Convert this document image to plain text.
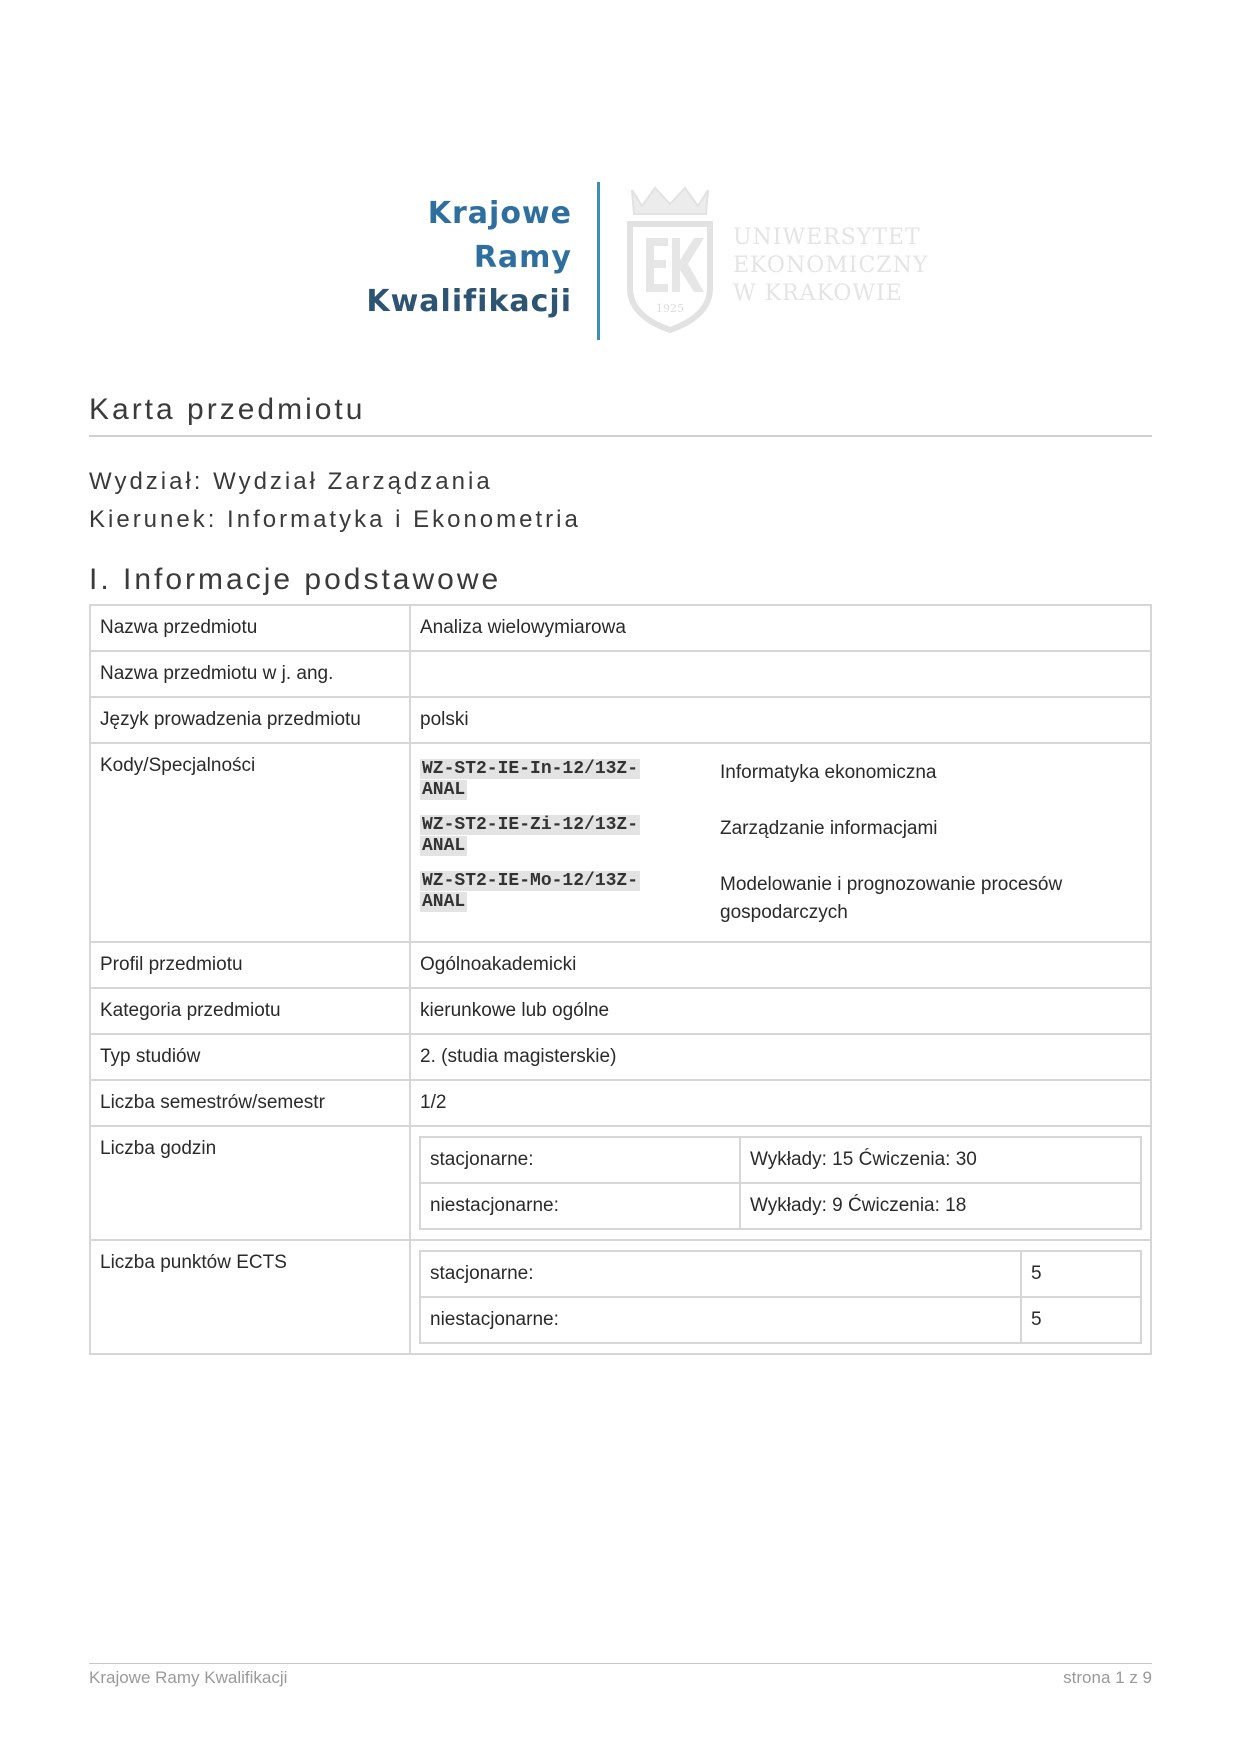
Krajowe
Ramy
Kwalifikacji	1925
UNIWERSYTET
EKONOMICZNY
W KRAKOWIE
Karta przedmiotu
Wydział: Wydział Zarządzania
Kierunek: Informatyka i Ekonometria
I. Informacje podstawowe
Nazwa przedmiotu	Analiza wielowymiarowa
Nazwa przedmiotu w j. ang.	
Język prowadzenia przedmiotu	polski
Kody/Specjalności	WZ-ST2-IE-In-12/13Z-
ANAL
Informatyka ekonomiczna
WZ-ST2-IE-Zi-12/13Z-
ANAL
Zarządzanie informacjami
WZ-ST2-IE-Mo-12/13Z-
ANAL
Modelowanie i prognozowanie procesów gospodarczych

Profil przedmiotu	Ogólnoakademicki
Kategoria przedmiotu	kierunkowe lub ogólne
Typ studiów	2. (studia magisterskie)
Liczba semestrów/semestr	1/2
Liczba godzin	
stacjonarne:	Wykłady: 15 Ćwiczenia: 30
niestacjonarne:	Wykłady: 9 Ćwiczenia: 18

Liczba punktów ECTS	
stacjonarne:	5
niestacjonarne:	5
Krajowe Ramy Kwalifikacji	strona 1 z 9
